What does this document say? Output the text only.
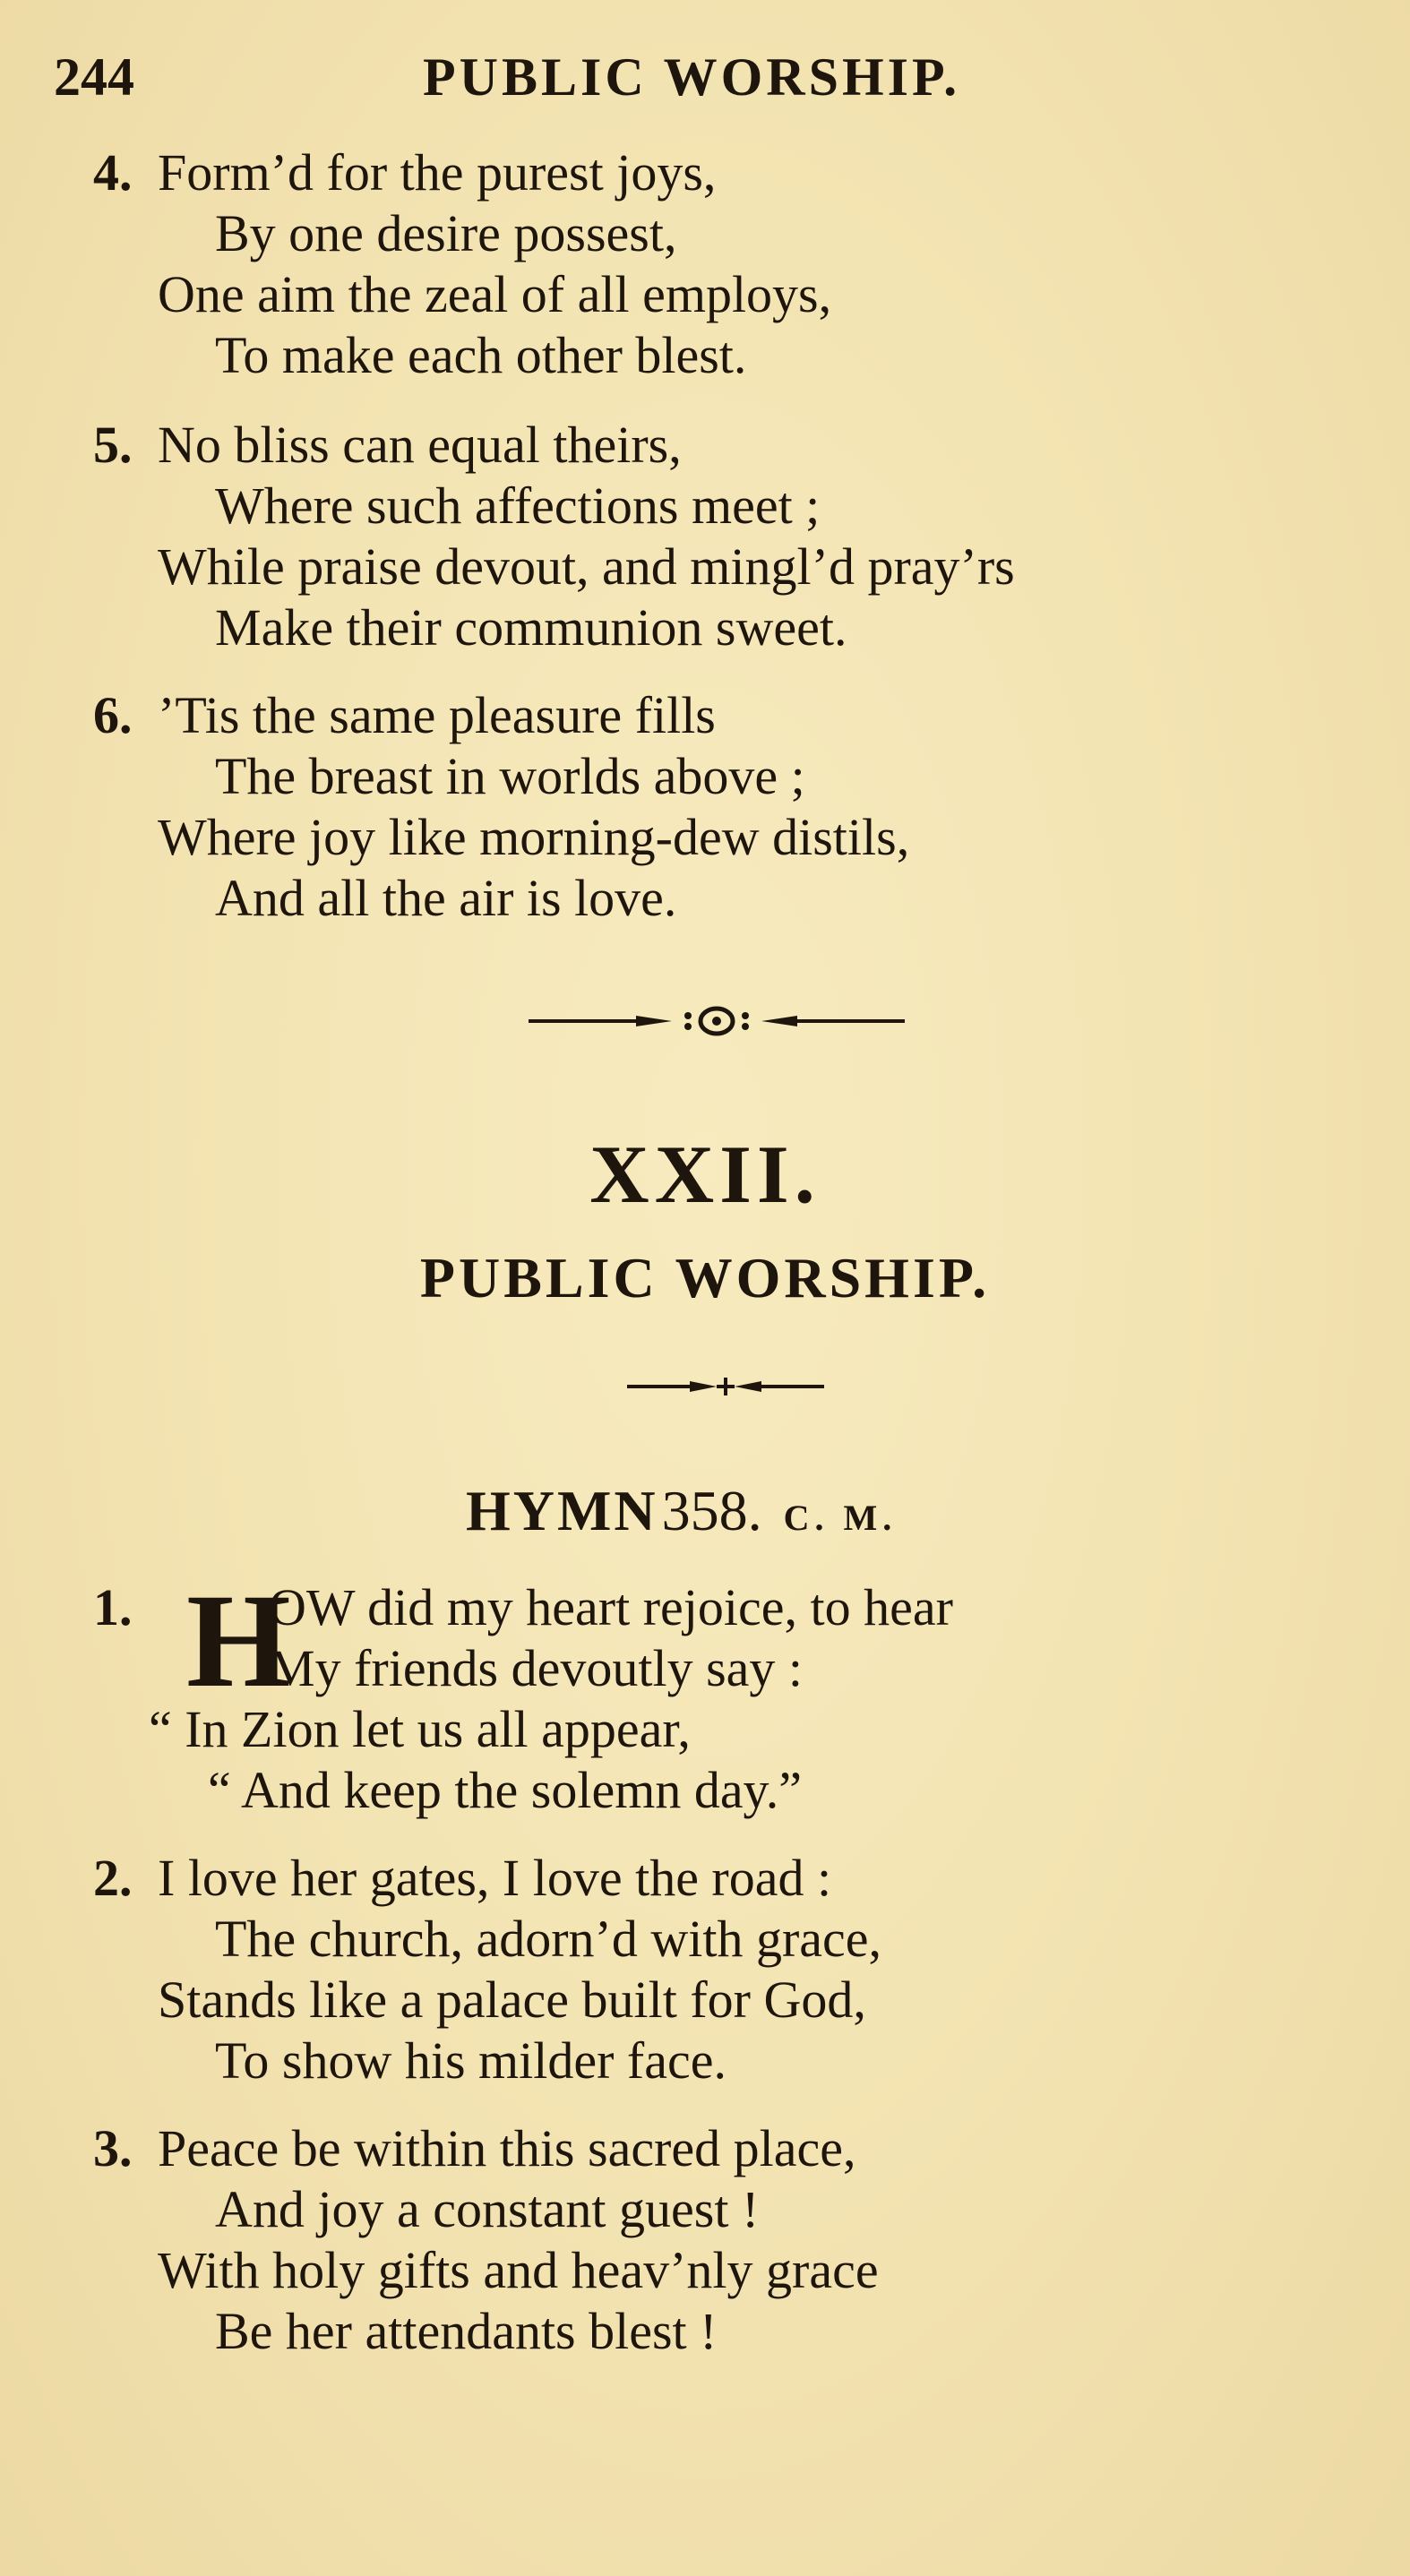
244	PUBLIC WORSHIP.
4. Form’d for the purest joys,
By one desire possest,
One aim the zeal of all employs,
To make each other blest.
5. No bliss can equal theirs,
Where such affections meet ;
While praise devout, and mingl’d pray’rs
Make their communion sweet.
6. ’Tis the same pleasure fills
The breast in worlds above ;
Where joy like morning-dew distils,
And all the air is love.
XXII.
PUBLIC WORSHIP.
HYMN 358. C. M.
1. H
OW did my heart rejoice, to hear
My friends devoutly say :
“ In Zion let us all appear,
“ And keep the solemn day.”
2. I love her gates, I love the road :
The church, adorn’d with grace,
Stands like a palace built for God,
To show his milder face.
3. Peace be within this sacred place,
And joy a constant guest !
With holy gifts and heav’nly grace
Be her attendants blest !
